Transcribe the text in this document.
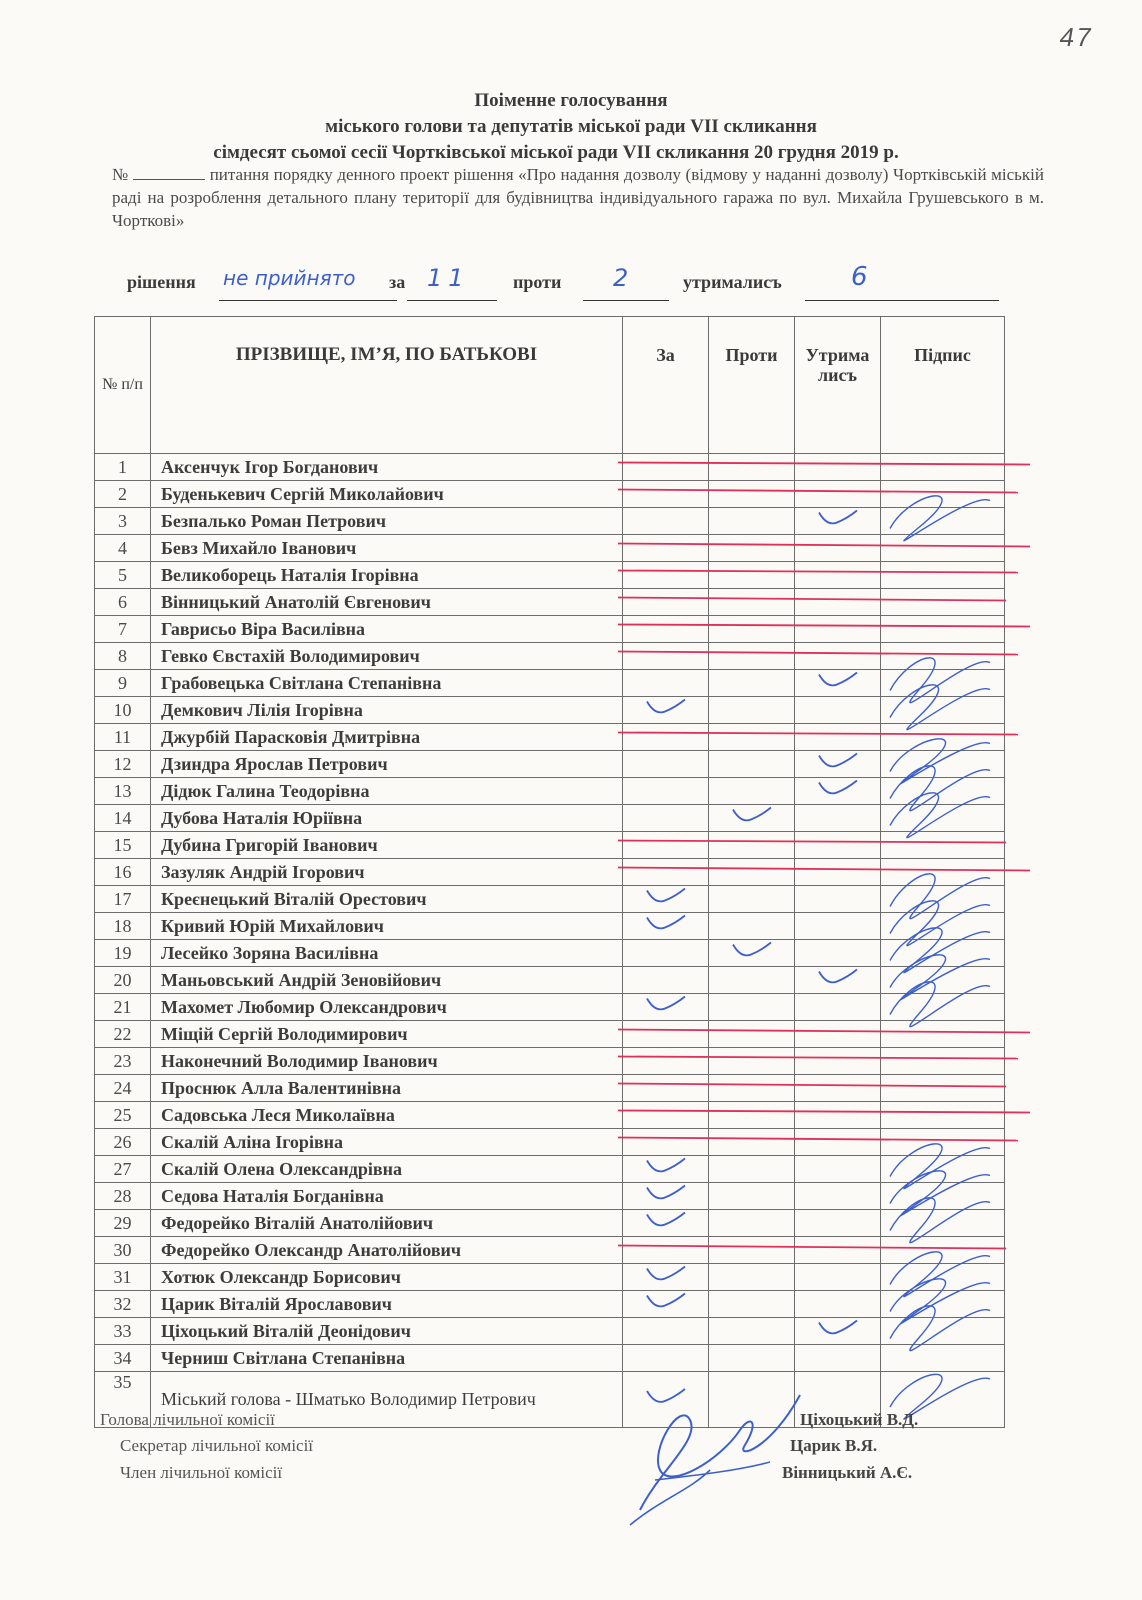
47
Поіменне голосування
міського голови та депутатів міської ради VII скликання
сімдесят сьомої сесії Чортківської міської ради VII скликання 20 грудня 2019 р.
№	питання порядку денного проект рішення «Про надання дозволу (відмову у наданні дозволу) Чортківській міській раді на розроблення детального плану території для будівництва індивідуального гаража по вул. Михайла Грушевського в м. Чорткові»
рішення не прийнято за 11 проти 2	утрималисъ	6
№ п/п	ПРІЗВИЩЕ, ІМ’Я, ПО БАТЬКОВІ	За	Проти	Утрималисъ	Підпис
1	Аксенчук Ігор Богданович				
2	Буденькевич Сергій Миколайович				
3	Безпалько Роман Петрович				
4	Бевз Михайло Іванович				
5	Великоборець Наталія Ігорівна				
6	Вінницький Анатолій Євгенович				
7	Гаврисьо Віра Василівна				
8	Гевко Євстахій Володимирович				
9	Грабовецька Світлана Степанівна				
10	Демкович Лілія Ігорівна				
11	Джурбій Парасковія Дмитрівна				
12	Дзиндра Ярослав Петрович				
13	Дідюк Галина Теодорівна				
14	Дубова Наталія Юріївна				
15	Дубина Григорій Іванович				
16	Зазуляк Андрій Ігорович				
17	Креєнецький Віталій Орестович				
18	Кривий Юрій Михайлович				
19	Лесейко Зоряна Василівна				
20	Маньовський Андрій Зеновійович				
21	Махомет Любомир Олександрович				
22	Міщій Сергій Володимирович				
23	Наконечний Володимир Іванович				
24	Проснюк Алла Валентинівна				
25	Садовська Леся Миколаївна				
26	Скалій Аліна Ігорівна				
27	Скалій Олена Олександрівна				
28	Седова Наталія Богданівна				
29	Федорейко Віталій Анатолійович				
30	Федорейко Олександр Анатолійович				
31	Хотюк Олександр Борисович				
32	Царик Віталій Ярославович				
33	Ціхоцький Віталій Деонідович				
34	Черниш Світлана Степанівна				
35	Міський голова - Шматько Володимир Петрович				
Голова лічильної комісії
Секретар лічильної комісії
Член лічильної комісії
Ціхоцький В.Д.
Царик В.Я.
Вінницький А.Є.
